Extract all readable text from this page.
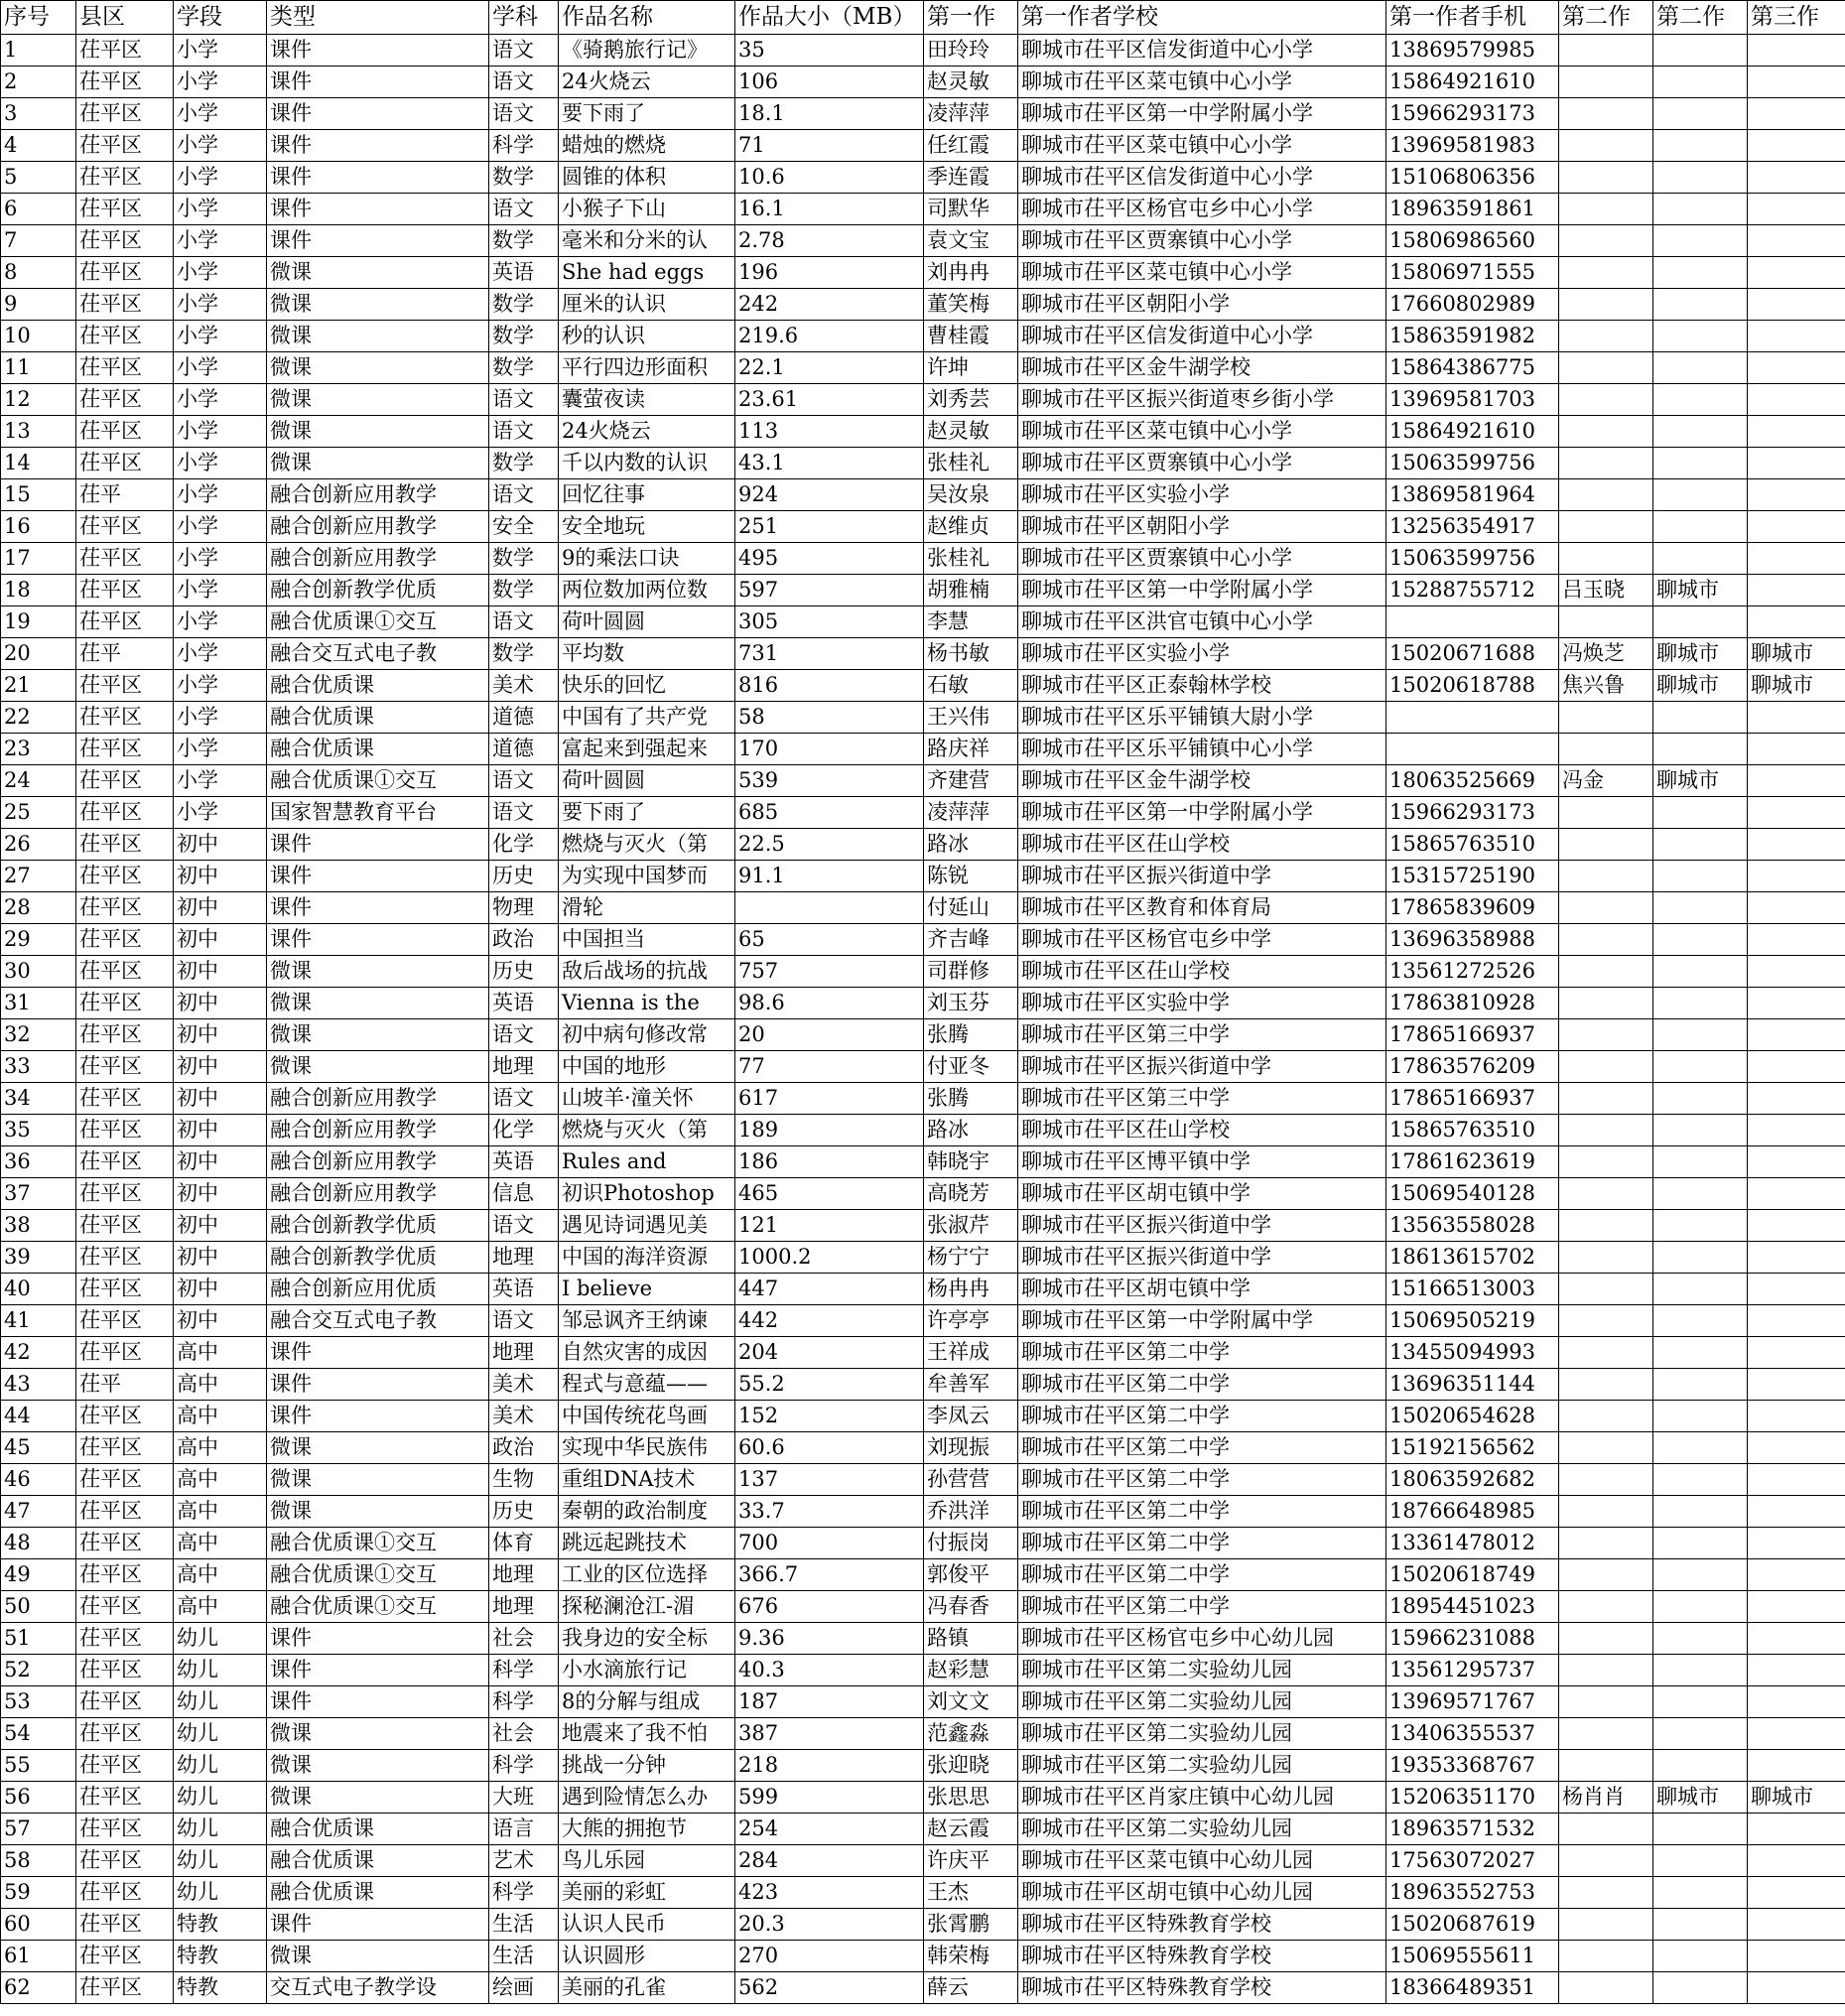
序号	县区	学段	类型	学科	作品名称	作品大小（MB）	第一作	第一作者学校	第一作者手机	第二作	第二作	第三作
1	茌平区	小学	课件	语文	《骑鹅旅行记》	35	田玲玲	聊城市茌平区信发街道中心小学	13869579985			
2	茌平区	小学	课件	语文	24火烧云	106	赵灵敏	聊城市茌平区菜屯镇中心小学	15864921610			
3	茌平区	小学	课件	语文	要下雨了	18.1	凌萍萍	聊城市茌平区第一中学附属小学	15966293173			
4	茌平区	小学	课件	科学	蜡烛的燃烧	71	任红霞	聊城市茌平区菜屯镇中心小学	13969581983			
5	茌平区	小学	课件	数学	圆锥的体积	10.6	季连霞	聊城市茌平区信发街道中心小学	15106806356			
6	茌平区	小学	课件	语文	小猴子下山	16.1	司默华	聊城市茌平区杨官屯乡中心小学	18963591861			
7	茌平区	小学	课件	数学	毫米和分米的认	2.78	袁文宝	聊城市茌平区贾寨镇中心小学	15806986560			
8	茌平区	小学	微课	英语	She had eggs	196	刘冉冉	聊城市茌平区菜屯镇中心小学	15806971555			
9	茌平区	小学	微课	数学	厘米的认识	242	董笑梅	聊城市茌平区朝阳小学	17660802989			
10	茌平区	小学	微课	数学	秒的认识	219.6	曹桂霞	聊城市茌平区信发街道中心小学	15863591982			
11	茌平区	小学	微课	数学	平行四边形面积	22.1	许坤	聊城市茌平区金牛湖学校	15864386775			
12	茌平区	小学	微课	语文	囊萤夜读	23.61	刘秀芸	聊城市茌平区振兴街道枣乡街小学	13969581703			
13	茌平区	小学	微课	语文	24火烧云	113	赵灵敏	聊城市茌平区菜屯镇中心小学	15864921610			
14	茌平区	小学	微课	数学	千以内数的认识	43.1	张桂礼	聊城市茌平区贾寨镇中心小学	15063599756			
15	茌平	小学	融合创新应用教学	语文	回忆往事	924	吴汝泉	聊城市茌平区实验小学	13869581964			
16	茌平区	小学	融合创新应用教学	安全	安全地玩	251	赵维贞	聊城市茌平区朝阳小学	13256354917			
17	茌平区	小学	融合创新应用教学	数学	9的乘法口诀	495	张桂礼	聊城市茌平区贾寨镇中心小学	15063599756			
18	茌平区	小学	融合创新教学优质	数学	两位数加两位数	597	胡雅楠	聊城市茌平区第一中学附属小学	15288755712	吕玉晓	聊城市	
19	茌平区	小学	融合优质课①交互	语文	荷叶圆圆	305	李慧	聊城市茌平区洪官屯镇中心小学				
20	茌平	小学	融合交互式电子教	数学	平均数	731	杨书敏	聊城市茌平区实验小学	15020671688	冯焕芝	聊城市	聊城市
21	茌平区	小学	融合优质课	美术	快乐的回忆	816	石敏	聊城市茌平区正泰翰林学校	15020618788	焦兴鲁	聊城市	聊城市
22	茌平区	小学	融合优质课	道德	中国有了共产党	58	王兴伟	聊城市茌平区乐平铺镇大尉小学				
23	茌平区	小学	融合优质课	道德	富起来到强起来	170	路庆祥	聊城市茌平区乐平铺镇中心小学				
24	茌平区	小学	融合优质课①交互	语文	荷叶圆圆	539	齐建营	聊城市茌平区金牛湖学校	18063525669	冯金	聊城市	
25	茌平区	小学	国家智慧教育平台	语文	要下雨了	685	凌萍萍	聊城市茌平区第一中学附属小学	15966293173			
26	茌平区	初中	课件	化学	燃烧与灭火（第	22.5	路冰	聊城市茌平区茌山学校	15865763510			
27	茌平区	初中	课件	历史	为实现中国梦而	91.1	陈锐	聊城市茌平区振兴街道中学	15315725190			
28	茌平区	初中	课件	物理	滑轮		付延山	聊城市茌平区教育和体育局	17865839609			
29	茌平区	初中	课件	政治	中国担当	65	齐吉峰	聊城市茌平区杨官屯乡中学	13696358988			
30	茌平区	初中	微课	历史	敌后战场的抗战	757	司群修	聊城市茌平区茌山学校	13561272526			
31	茌平区	初中	微课	英语	Vienna is the	98.6	刘玉芬	聊城市茌平区实验中学	17863810928			
32	茌平区	初中	微课	语文	初中病句修改常	20	张腾	聊城市茌平区第三中学	17865166937			
33	茌平区	初中	微课	地理	中国的地形	77	付亚冬	聊城市茌平区振兴街道中学	17863576209			
34	茌平区	初中	融合创新应用教学	语文	山坡羊·潼关怀	617	张腾	聊城市茌平区第三中学	17865166937			
35	茌平区	初中	融合创新应用教学	化学	燃烧与灭火（第	189	路冰	聊城市茌平区茌山学校	15865763510			
36	茌平区	初中	融合创新应用教学	英语	Rules and	186	韩晓宇	聊城市茌平区博平镇中学	17861623619			
37	茌平区	初中	融合创新应用教学	信息	初识Photoshop	465	高晓芳	聊城市茌平区胡屯镇中学	15069540128			
38	茌平区	初中	融合创新教学优质	语文	遇见诗词遇见美	121	张淑芹	聊城市茌平区振兴街道中学	13563558028			
39	茌平区	初中	融合创新教学优质	地理	中国的海洋资源	1000.2	杨宁宁	聊城市茌平区振兴街道中学	18613615702			
40	茌平区	初中	融合创新应用优质	英语	I believe	447	杨冉冉	聊城市茌平区胡屯镇中学	15166513003			
41	茌平区	初中	融合交互式电子教	语文	邹忌讽齐王纳谏	442	许亭亭	聊城市茌平区第一中学附属中学	15069505219			
42	茌平区	高中	课件	地理	自然灾害的成因	204	王祥成	聊城市茌平区第二中学	13455094993			
43	茌平	高中	课件	美术	程式与意蕴——	55.2	牟善军	聊城市茌平区第二中学	13696351144			
44	茌平区	高中	课件	美术	中国传统花鸟画	152	李凤云	聊城市茌平区第二中学	15020654628			
45	茌平区	高中	微课	政治	实现中华民族伟	60.6	刘现振	聊城市茌平区第二中学	15192156562			
46	茌平区	高中	微课	生物	重组DNA技术	137	孙营营	聊城市茌平区第二中学	18063592682			
47	茌平区	高中	微课	历史	秦朝的政治制度	33.7	乔洪洋	聊城市茌平区第二中学	18766648985			
48	茌平区	高中	融合优质课①交互	体育	跳远起跳技术	700	付振岗	聊城市茌平区第二中学	13361478012			
49	茌平区	高中	融合优质课①交互	地理	工业的区位选择	366.7	郭俊平	聊城市茌平区第二中学	15020618749			
50	茌平区	高中	融合优质课①交互	地理	探秘澜沧江-湄	676	冯春香	聊城市茌平区第二中学	18954451023			
51	茌平区	幼儿	课件	社会	我身边的安全标	9.36	路镇	聊城市茌平区杨官屯乡中心幼儿园	15966231088			
52	茌平区	幼儿	课件	科学	小水滴旅行记	40.3	赵彩慧	聊城市茌平区第二实验幼儿园	13561295737			
53	茌平区	幼儿	课件	科学	8的分解与组成	187	刘文文	聊城市茌平区第二实验幼儿园	13969571767			
54	茌平区	幼儿	微课	社会	地震来了我不怕	387	范鑫淼	聊城市茌平区第二实验幼儿园	13406355537			
55	茌平区	幼儿	微课	科学	挑战一分钟	218	张迎晓	聊城市茌平区第二实验幼儿园	19353368767			
56	茌平区	幼儿	微课	大班	遇到险情怎么办	599	张思思	聊城市茌平区肖家庄镇中心幼儿园	15206351170	杨肖肖	聊城市	聊城市
57	茌平区	幼儿	融合优质课	语言	大熊的拥抱节	254	赵云霞	聊城市茌平区第二实验幼儿园	18963571532			
58	茌平区	幼儿	融合优质课	艺术	鸟儿乐园	284	许庆平	聊城市茌平区菜屯镇中心幼儿园	17563072027			
59	茌平区	幼儿	融合优质课	科学	美丽的彩虹	423	王杰	聊城市茌平区胡屯镇中心幼儿园	18963552753			
60	茌平区	特教	课件	生活	认识人民币	20.3	张霄鹏	聊城市茌平区特殊教育学校	15020687619			
61	茌平区	特教	微课	生活	认识圆形	270	韩荣梅	聊城市茌平区特殊教育学校	15069555611			
62	茌平区	特教	交互式电子教学设	绘画	美丽的孔雀	562	薛云	聊城市茌平区特殊教育学校	18366489351			
